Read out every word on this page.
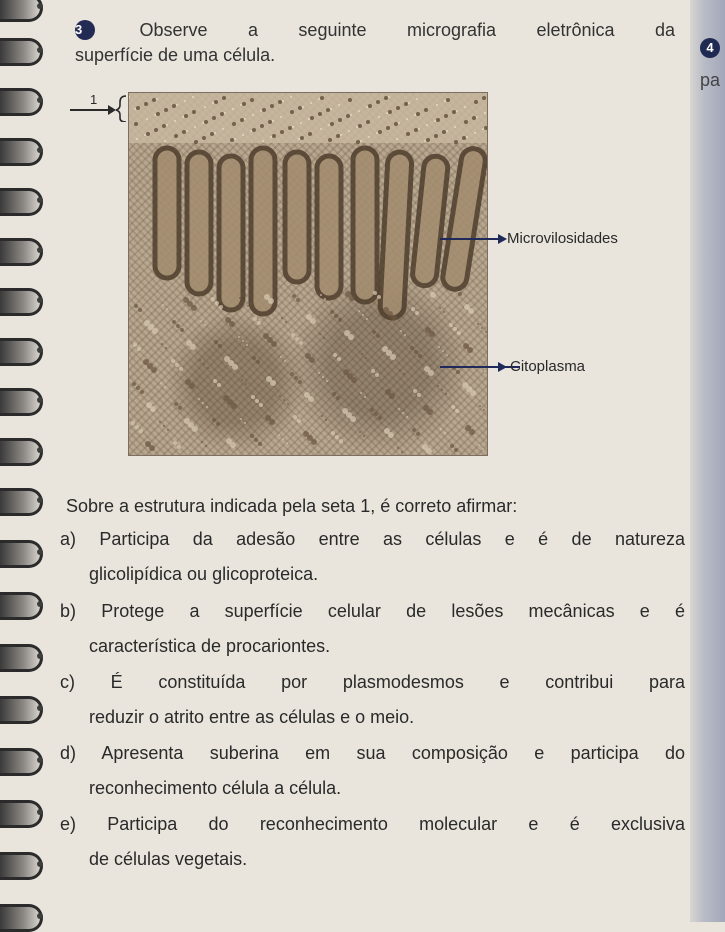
4
pa
3	Observe a seguinte micrografia eletrônica da
superfície de uma célula.
1
Microvilosidades
Citoplasma
Sobre a estrutura indicada pela seta 1, é correto afirmar:
a) Participa da adesão entre as células e é de natureza
glicolipídica ou glicoproteica.
b) Protege a superfície celular de lesões mecânicas e é
característica de procariontes.
c) É constituída por plasmodesmos e contribui para
reduzir o atrito entre as células e o meio.
d) Apresenta suberina em sua composição e participa do
reconhecimento célula a célula.
e) Participa do reconhecimento molecular e é exclusiva
de células vegetais.
